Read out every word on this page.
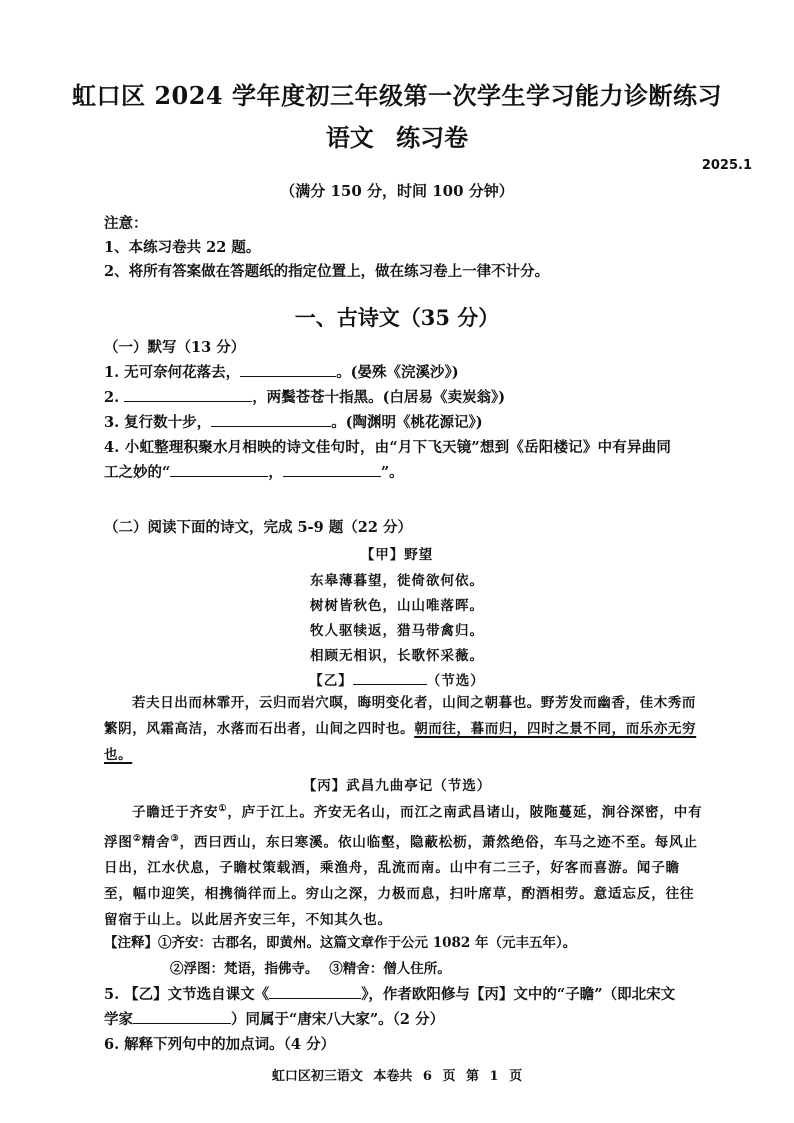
虹口区 2024 学年度初三年级第一次学生学习能力诊断练习
语文 练习卷
2025.1
（满分 150 分，时间 100 分钟）
注意：
1、本练习卷共 22 题。
2、将所有答案做在答题纸的指定位置上，做在练习卷上一律不计分。
一、古诗文（35 分）
（一）默写（13 分）
1. 无可奈何花落去，	。(晏殊《浣溪沙》)
2.	，两鬓苍苍十指黑。(白居易《卖炭翁》)
3. 复行数十步，	。(陶渊明《桃花源记》)
4. 小虹整理积聚水月相映的诗文佳句时，由“月下飞天镜”想到《岳阳楼记》中有异曲同
工之妙的“	，	”。
（二）阅读下面的诗文，完成 5-9 题（22 分）
【甲】野望
东皋薄暮望，徙倚欲何依。
树树皆秋色，山山唯落晖。
牧人驱犊返，猎马带禽归。
相顾无相识，长歌怀采薇。
【乙】	（节选）
若夫日出而林霏开，云归而岩穴暝，晦明变化者，山间之朝暮也。野芳发而幽香，佳木秀而繁阴，风霜高洁，水落而石出者，山间之四时也。朝而往，暮而归，四时之景不同，而乐亦无穷也。
【丙】武昌九曲亭记（节选）
子瞻迁于齐安①，庐于江上。齐安无名山，而江之南武昌诸山，陂陁蔓延，涧谷深密，中有浮图②精舍③，西曰西山，东曰寒溪。依山临壑，隐蔽松枥，萧然绝俗，车马之迹不至。每风止日出，江水伏息，子瞻杖策载酒，乘渔舟，乱流而南。山中有二三子，好客而喜游。闻子瞻至，幅巾迎笑，相携徜徉而上。穷山之深，力极而息，扫叶席草，酌酒相劳。意适忘反，往往留宿于山上。以此居齐安三年，不知其久也。
【注释】①齐安：古郡名，即黄州。这篇文章作于公元 1082 年（元丰五年）。
②浮图：梵语，指佛寺。 ③精舍：僧人住所。
5. 【乙】文节选自课文《	》，作者欧阳修与【丙】文中的“子瞻”（即北宋文
学家	）同属于“唐宋八大家”。（2 分）
6. 解释下列句中的加点词。（4 分）
虹口区初三语文 本卷共 6 页 第 1 页
